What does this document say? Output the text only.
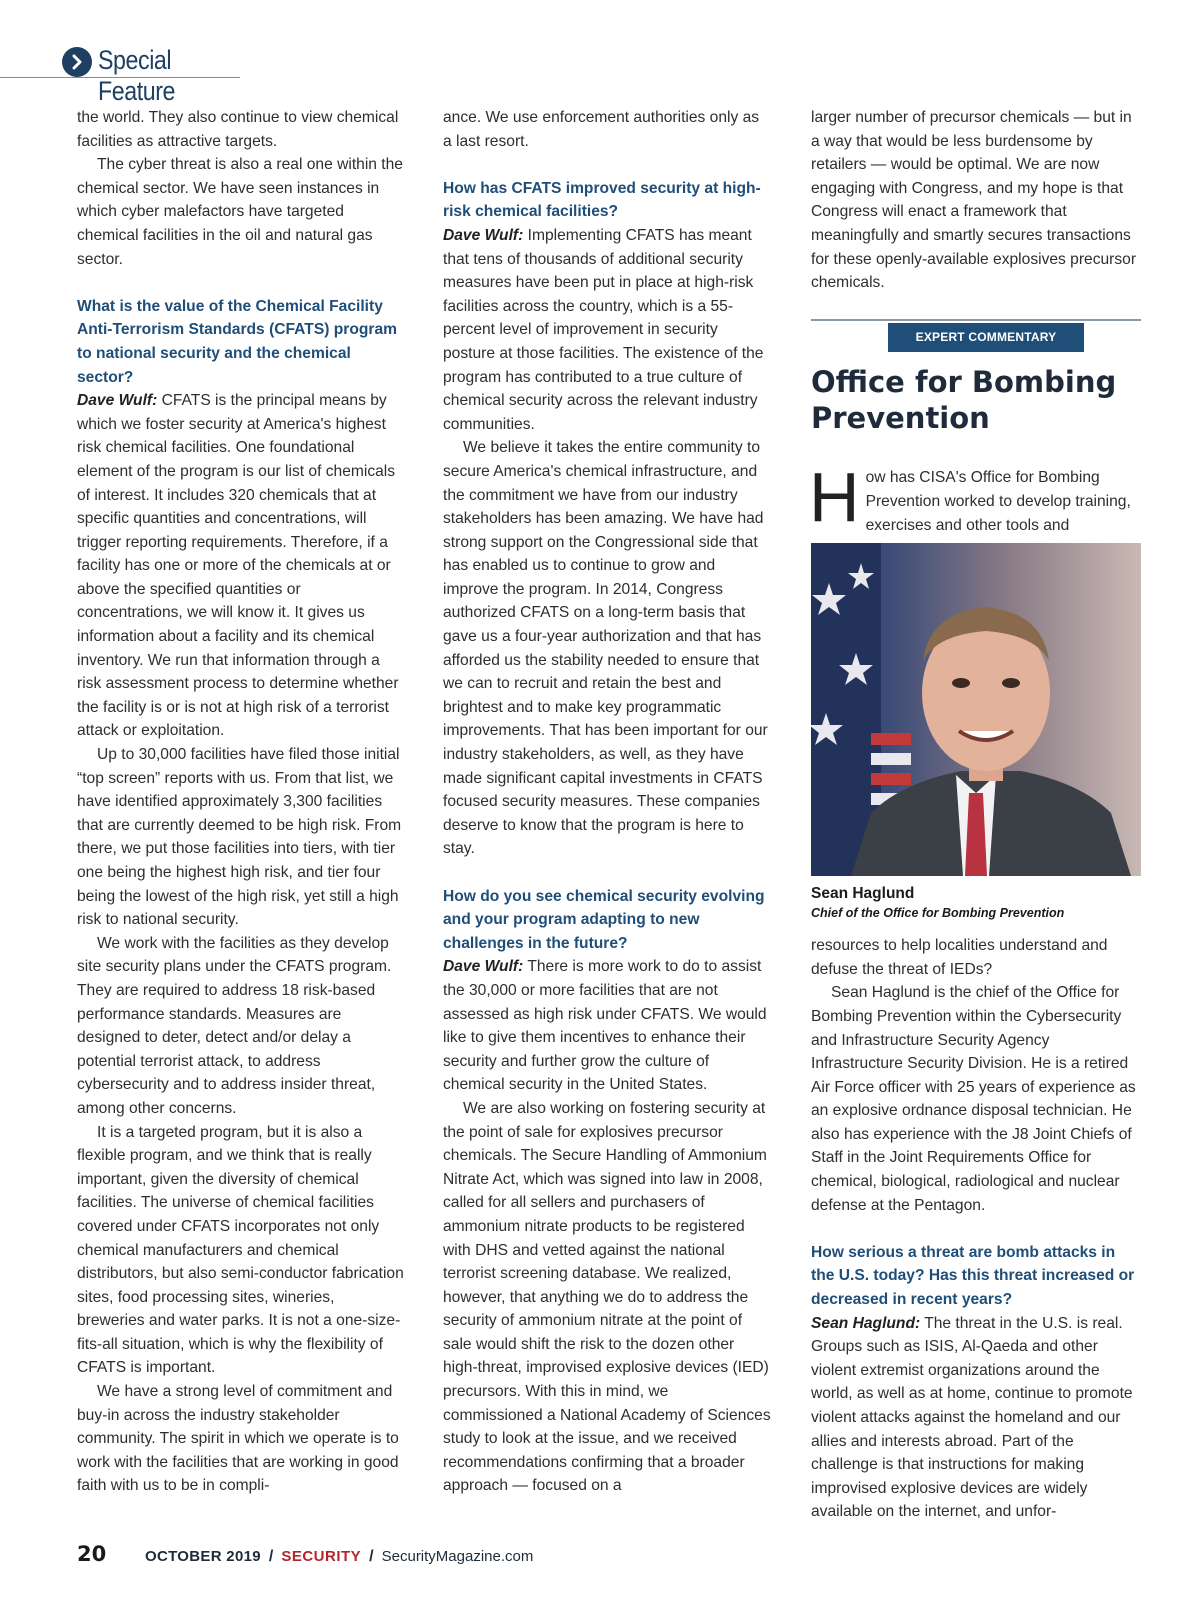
Special Feature

the world. They also continue to view chemical facilities as attractive targets.

The cyber threat is also a real one within the chemical sector. We have seen instances in which cyber malefactors have targeted chemical facilities in the oil and natural gas sector.

What is the value of the Chemical Facility Anti-Terrorism Standards (CFATS) program to national security and the chemical sector?

Dave Wulf: CFATS is the principal means by which we foster security at America's highest risk chemical facilities. One foundational element of the program is our list of chemicals of interest. It includes 320 chemicals that at specific quantities and concentrations, will trigger reporting requirements. Therefore, if a facility has one or more of the chemicals at or above the specified quantities or concentrations, we will know it. It gives us information about a facility and its chemical inventory. We run that information through a risk assessment process to determine whether the facility is or is not at high risk of a terrorist attack or exploitation.

Up to 30,000 facilities have filed those initial “top screen” reports with us. From that list, we have identified approximately 3,300 facilities that are currently deemed to be high risk. From there, we put those facilities into tiers, with tier one being the highest high risk, and tier four being the lowest of the high risk, yet still a high risk to national security.

We work with the facilities as they develop site security plans under the CFATS program. They are required to address 18 risk-based performance standards. Measures are designed to deter, detect and/or delay a potential terrorist attack, to address cybersecurity and to address insider threat, among other concerns.

It is a targeted program, but it is also a flexible program, and we think that is really important, given the diversity of chemical facilities. The universe of chemical facilities covered under CFATS incorporates not only chemical manufacturers and chemical distributors, but also semi-conductor fabrication sites, food processing sites, wineries, breweries and water parks. It is not a one-size-fits-all situation, which is why the flexibility of CFATS is important.

We have a strong level of commitment and buy-in across the industry stakeholder community. The spirit in which we operate is to work with the facilities that are working in good faith with us to be in compli-

ance. We use enforcement authorities only as a last resort.

How has CFATS improved security at high-risk chemical facilities?

Dave Wulf: Implementing CFATS has meant that tens of thousands of additional security measures have been put in place at high-risk facilities across the country, which is a 55-percent level of improvement in security posture at those facilities. The existence of the program has contributed to a true culture of chemical security across the relevant industry communities.

We believe it takes the entire community to secure America's chemical infrastructure, and the commitment we have from our industry stakeholders has been amazing. We have had strong support on the Congressional side that has enabled us to continue to grow and improve the program. In 2014, Congress authorized CFATS on a long-term basis that gave us a four-year authorization and that has afforded us the stability needed to ensure that we can to recruit and retain the best and brightest and to make key programmatic improvements. That has been important for our industry stakeholders, as well, as they have made significant capital investments in CFATS focused security measures. These companies deserve to know that the program is here to stay.

How do you see chemical security evolving and your program adapting to new challenges in the future?

Dave Wulf: There is more work to do to assist the 30,000 or more facilities that are not assessed as high risk under CFATS. We would like to give them incentives to enhance their security and further grow the culture of chemical security in the United States.

We are also working on fostering security at the point of sale for explosives precursor chemicals. The Secure Handling of Ammonium Nitrate Act, which was signed into law in 2008, called for all sellers and purchasers of ammonium nitrate products to be registered with DHS and vetted against the national terrorist screening database. We realized, however, that anything we do to address the security of ammonium nitrate at the point of sale would shift the risk to the dozen other high-threat, improvised explosive devices (IED) precursors. With this in mind, we commissioned a National Academy of Sciences study to look at the issue, and we received recommendations confirming that a broader approach — focused on a

larger number of precursor chemicals — but in a way that would be less burdensome by retailers — would be optimal. We are now engaging with Congress, and my hope is that Congress will enact a framework that meaningfully and smartly secures transactions for these openly-available explosives precursor chemicals.

EXPERT COMMENTARY

Office for Bombing Prevention

How has CISA's Office for Bombing Prevention worked to develop training, exercises and other tools and

Sean Haglund

Chief of the Office for Bombing Prevention

resources to help localities understand and defuse the threat of IEDs?

Sean Haglund is the chief of the Office for Bombing Prevention within the Cybersecurity and Infrastructure Security Agency Infrastructure Security Division. He is a retired Air Force officer with 25 years of experience as an explosive ordnance disposal technician. He also has experience with the J8 Joint Chiefs of Staff in the Joint Requirements Office for chemical, biological, radiological and nuclear defense at the Pentagon.

How serious a threat are bomb attacks in the U.S. today? Has this threat increased or decreased in recent years?

Sean Haglund: The threat in the U.S. is real. Groups such as ISIS, Al-Qaeda and other violent extremist organizations around the world, as well as at home, continue to promote violent attacks against the homeland and our allies and interests abroad. Part of the challenge is that instructions for making improvised explosive devices are widely available on the internet, and unfor-

20	OCTOBER 2019 / SECURITY / SecurityMagazine.com
